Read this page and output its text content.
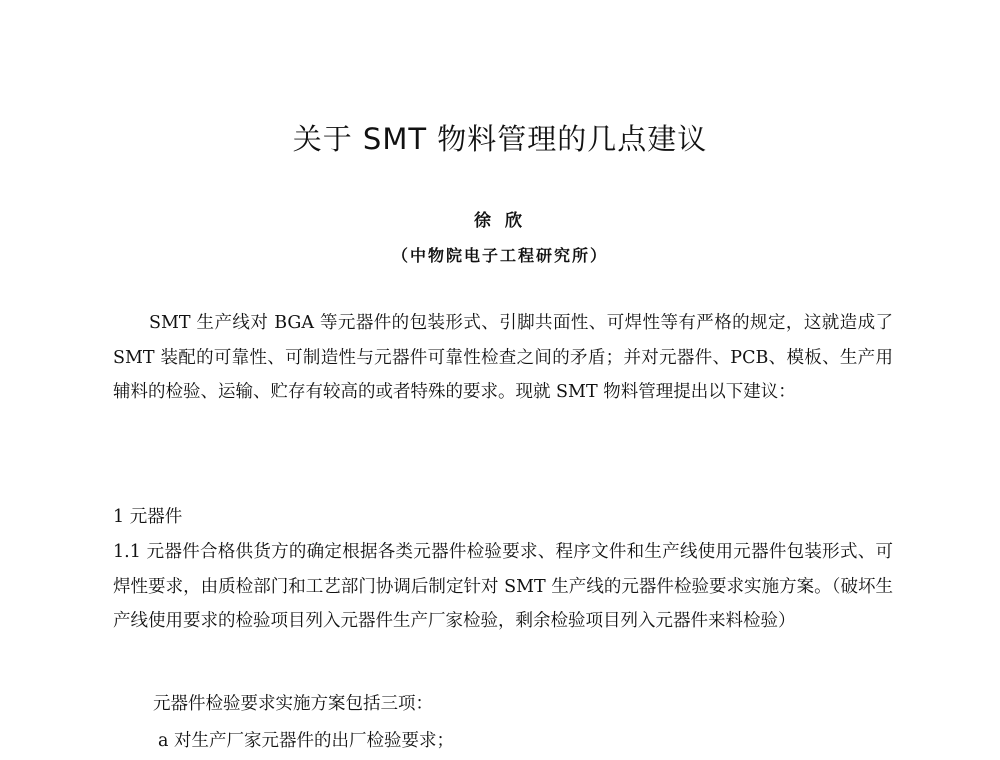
关于 SMT 物料管理的几点建议
徐 欣
（中物院电子工程研究所）
SMT 生产线对 BGA 等元器件的包装形式、引脚共面性、可焊性等有严格的规定，这就造成了 SMT 装配的可靠性、可制造性与元器件可靠性检查之间的矛盾；并对元器件、PCB、模板、生产用辅料的检验、运输、贮存有较高的或者特殊的要求。现就 SMT 物料管理提出以下建议：
1 元器件
1.1 元器件合格供货方的确定根据各类元器件检验要求、程序文件和生产线使用元器件包装形式、可焊性要求，由质检部门和工艺部门协调后制定针对 SMT 生产线的元器件检验要求实施方案。（破坏生产线使用要求的检验项目列入元器件生产厂家检验，剩余检验项目列入元器件来料检验）
元器件检验要求实施方案包括三项：
a 对生产厂家元器件的出厂检验要求；
